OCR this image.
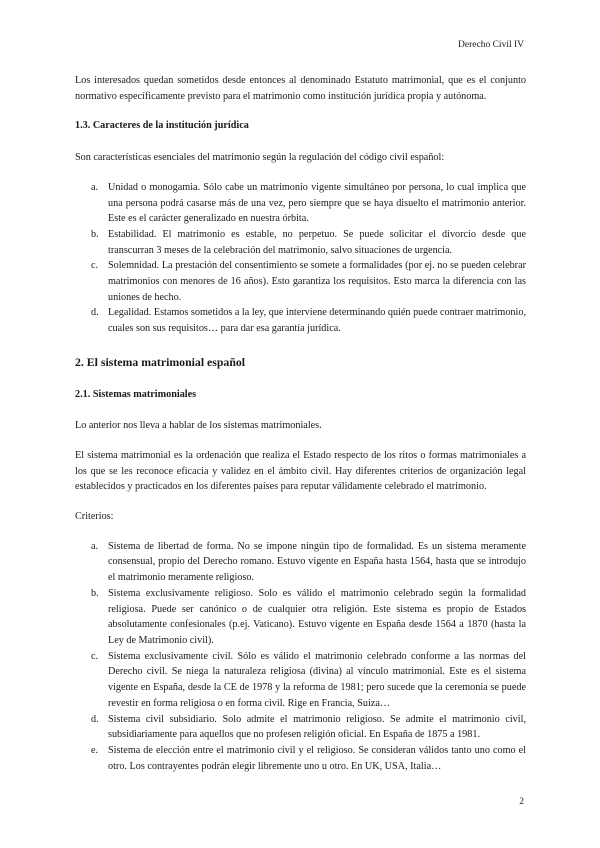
Derecho Civil IV

Los interesados quedan sometidos desde entonces al denominado Estatuto matrimonial, que es el conjunto normativo específicamente previsto para el matrimonio como institución jurídica propia y autónoma.

1.3. Caracteres de la institución jurídica

Son características esenciales del matrimonio según la regulación del código civil español:

a. Unidad o monogamia. Sólo cabe un matrimonio vigente simultáneo por persona, lo cual implica que una persona podrá casarse más de una vez, pero siempre que se haya disuelto el matrimonio anterior. Este es el carácter generalizado en nuestra órbita.
b. Estabilidad. El matrimonio es estable, no perpetuo. Se puede solicitar el divorcio desde que transcurran 3 meses de la celebración del matrimonio, salvo situaciones de urgencia.
c. Solemnidad. La prestación del consentimiento se somete a formalidades (por ej. no se pueden celebrar matrimonios con menores de 16 años). Esto garantiza los requisitos. Esto marca la diferencia con las uniones de hecho.
d. Legalidad. Estamos sometidos a la ley, que interviene determinando quién puede contraer matrimonio, cuales son sus requisitos… para dar esa garantía jurídica.
2. El sistema matrimonial español
2.1. Sistemas matrimoniales

Lo anterior nos lleva a hablar de los sistemas matrimoniales.

El sistema matrimonial es la ordenación que realiza el Estado respecto de los ritos o formas matrimoniales a los que se les reconoce eficacia y validez en el ámbito civil. Hay diferentes criterios de organización legal establecidos y practicados en los diferentes países para reputar válidamente celebrado el matrimonio.

Criterios:

a. Sistema de libertad de forma. No se impone ningún tipo de formalidad. Es un sistema meramente consensual, propio del Derecho romano. Estuvo vigente en España hasta 1564, hasta que se introdujo el matrimonio meramente religioso.
b. Sistema exclusivamente religioso. Solo es válido el matrimonio celebrado según la formalidad religiosa. Puede ser canónico o de cualquier otra religión. Este sistema es propio de Estados absolutamente confesionales (p.ej. Vaticano). Estuvo vigente en España desde 1564 a 1870 (hasta la Ley de Matrimonio civil).
c. Sistema exclusivamente civil. Sólo es válido el matrimonio celebrado conforme a las normas del Derecho civil. Se niega la naturaleza religiosa (divina) al vínculo matrimonial. Este es el sistema vigente en España, desde la CE de 1978 y la reforma de 1981; pero sucede que la ceremonia se puede revestir en forma religiosa o en forma civil. Rige en Francia, Suiza…
d. Sistema civil subsidiario. Solo admite el matrimonio religioso. Se admite el matrimonio civil, subsidiariamente para aquellos que no profesen religión oficial. En España de 1875 a 1981.
e. Sistema de elección entre el matrimonio civil y el religioso. Se consideran válidos tanto uno como el otro. Los contrayentes podrán elegir libremente uno u otro. En UK, USA, Italia…
2
